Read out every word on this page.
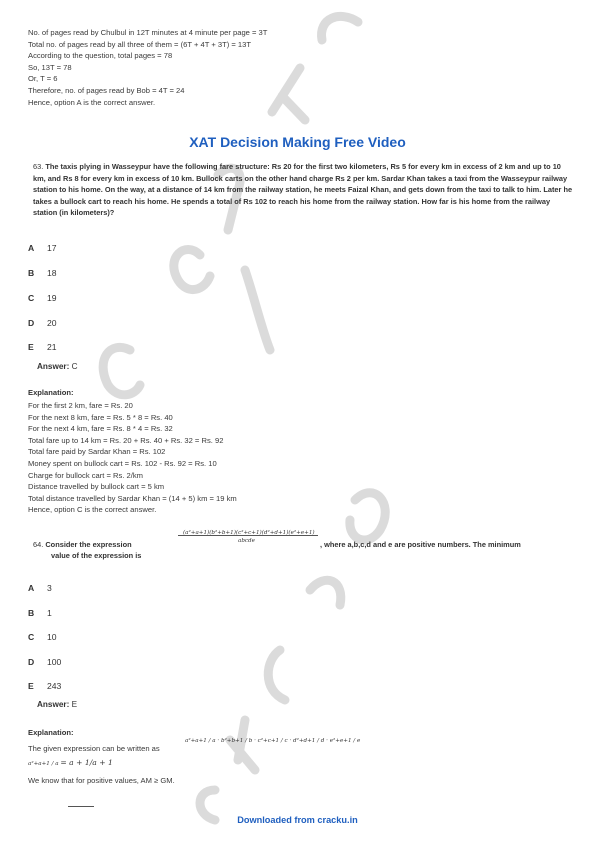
No. of pages read by Chulbul in 12T minutes at 4 minute per page = 3T
Total no. of pages read by all three of them = (6T + 4T + 3T) = 13T
According to the question, total pages = 78
So, 13T = 78
Or, T = 6
Therefore, no. of pages read by Bob = 4T = 24
Hence, option A is the correct answer.
XAT Decision Making Free Video
63. The taxis plying in Wasseypur have the following fare structure: Rs 20 for the first two kilometers, Rs 5 for every km in excess of 2 km and up to 10 km, and Rs 8 for every km in excess of 10 km. Bullock carts on the other hand charge Rs 2 per km. Sardar Khan takes a taxi from the Wasseypur railway station to his home. On the way, at a distance of 14 km from the railway station, he meets Faizal Khan, and gets down from the taxi to talk to him. Later he takes a bullock cart to reach his home. He spends a total of Rs 102 to reach his home from the railway station. How far is his home from the railway station (in kilometers)?
A 17
B 18
C 19
D 20
E 21
Answer: C
Explanation:
For the first 2 km, fare = Rs. 20
For the next 8 km, fare = Rs. 5 * 8 = Rs. 40
For the next 4 km, fare = Rs. 8 * 4 = Rs. 32
Total fare up to 14 km = Rs. 20 + Rs. 40 + Rs. 32 = Rs. 92
Total fare paid by Sardar Khan = Rs. 102
Money spent on bullock cart = Rs. 102 - Rs. 92 = Rs. 10
Charge for bullock cart = Rs. 2/km
Distance travelled by bullock cart = 5 km
Total distance travelled by Sardar Khan = (14 + 5) km = 19 km
Hence, option C is the correct answer.
64. Consider the expression
(a²+a+1)(b²+b+1)(c²+c+1)(d²+d+1)(e²+e+1)
abcde	, where a,b,c,d and e are positive numbers. The minimum
value of the expression is
A 3
B 1
C 10
D 100
E 243
Answer: E
Explanation:
The given expression can be written as
a²+a+1 / a · b²+b+1 / b · c²+c+1 / c · d²+d+1 / d · e²+e+1 / e
a²+a+1 / a = a + 1/a + 1
We know that for positive values, AM ≥ GM.
Downloaded from cracku.in
